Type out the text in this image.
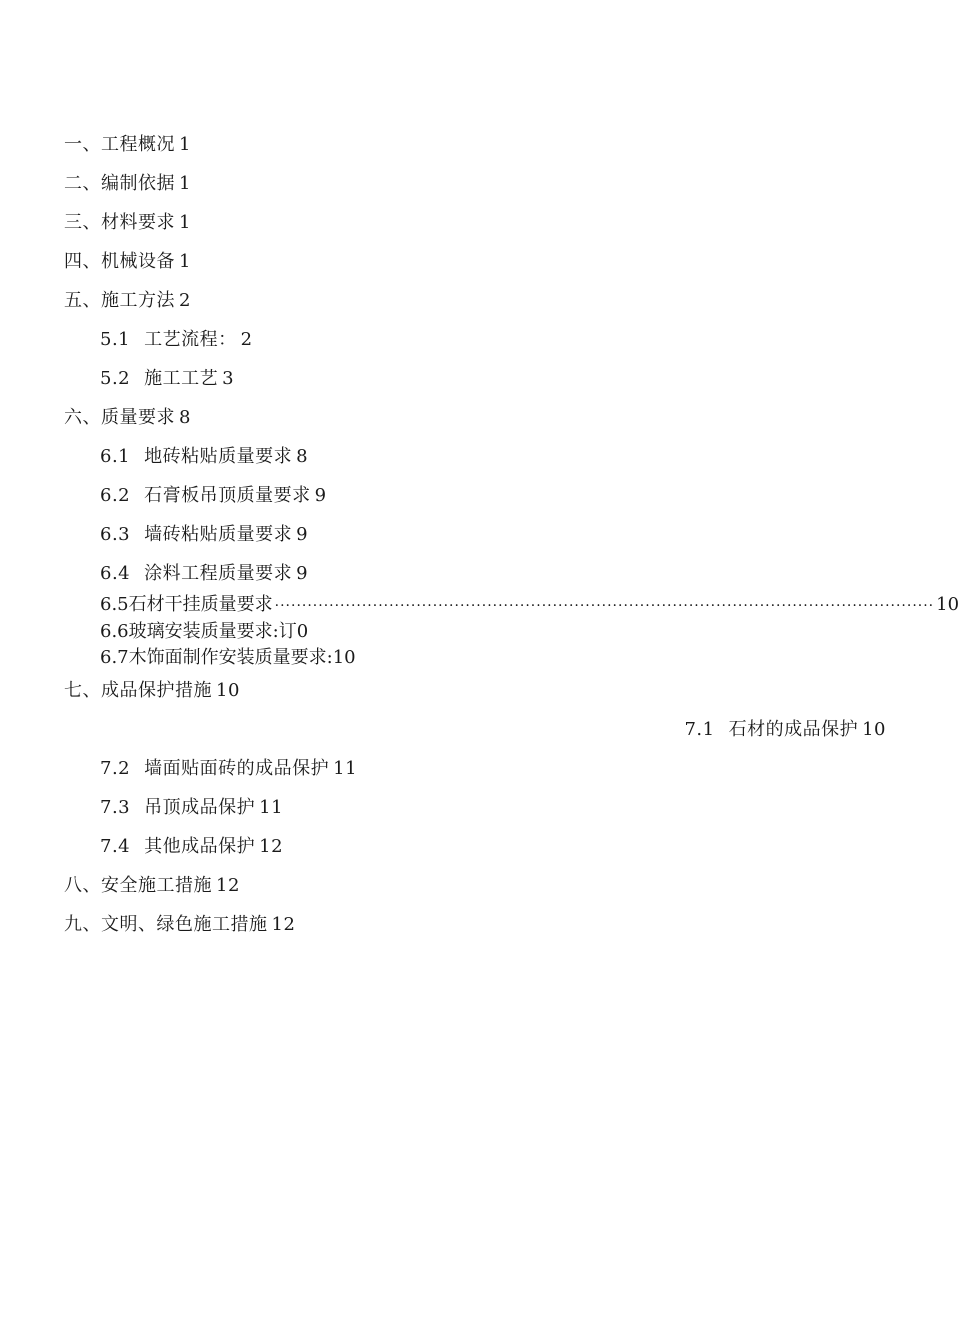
一、工程概况 1
二、编制依据 1
三、材料要求 1
四、机械设备 1
五、施工方法 2
5.1 工艺流程： 2
5.2 施工工艺 3
六、质量要求 8
6.1 地砖粘贴质量要求 8
6.2 石膏板吊顶质量要求 9
6.3 墙砖粘贴质量要求 9
6.4 涂料工程质量要求 9
6.5 石材干挂质量要求 ························································································································· 10
6.6玻璃安装质量要求:订0
6.7木饰面制作安装质量要求:10
七、成品保护措施 10
7.1 石材的成品保护 10
7.2 墙面贴面砖的成品保护 11
7.3 吊顶成品保护 11
7.4 其他成品保护 12
八、安全施工措施 12
九、文明、绿色施工措施 12
